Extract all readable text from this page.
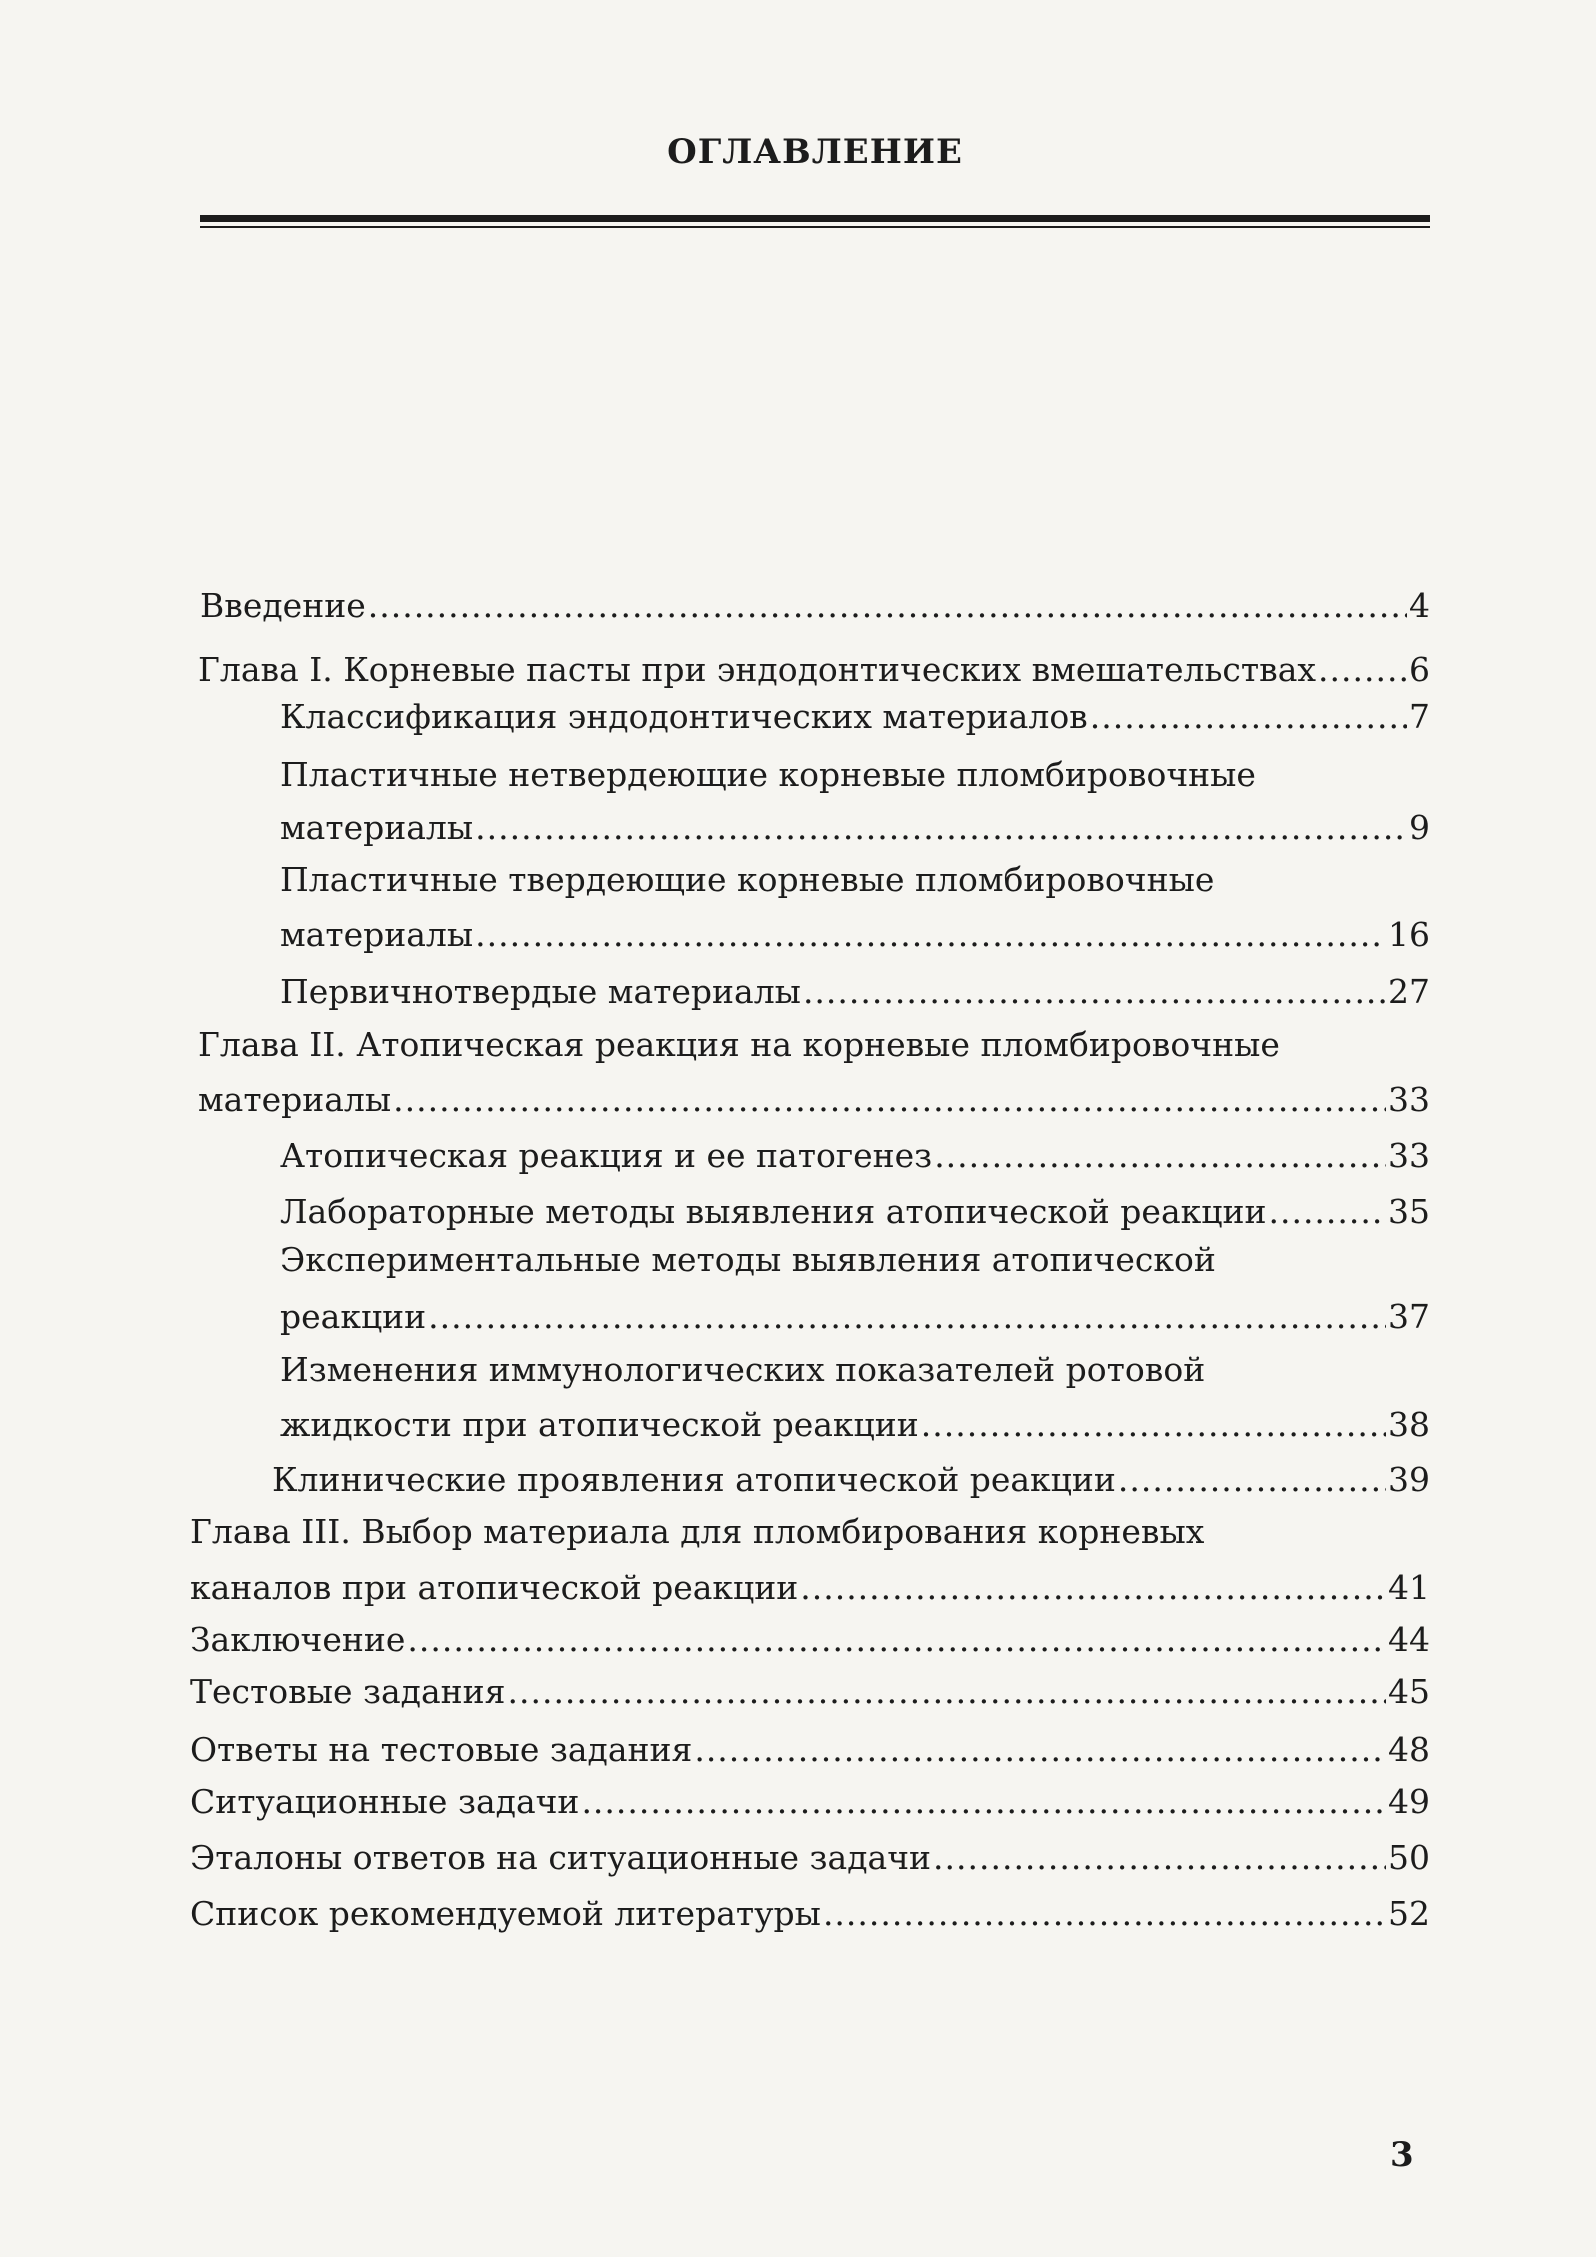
ОГЛАВЛЕНИЕ
Введение .....	4
Глава I. Корневые пасты при эндодонтических вмешательствах .....	6
Классификация эндодонтических материалов .....	7
Пластичные нетвердеющие корневые пломбировочные
материалы .....	9
Пластичные твердеющие корневые пломбировочные
материалы .....	16
Первичнотвердые материалы .....	27
Глава II. Атопическая реакция на корневые пломбировочные
материалы .....	33
Атопическая реакция и ее патогенез .....	33
Лабораторные методы выявления атопической реакции .....	35
Экспериментальные методы выявления атопической
реакции .....	37
Изменения иммунологических показателей ротовой
жидкости при атопической реакции .....	38
Клинические проявления атопической реакции .....	39
Глава III. Выбор материала для пломбирования корневых
каналов при атопической реакции .....	41
Заключение .....	44
Тестовые задания .....	45
Ответы на тестовые задания .....	48
Ситуационные задачи .....	49
Эталоны ответов на ситуационные задачи .....	50
Список рекомендуемой литературы .....	52
3
